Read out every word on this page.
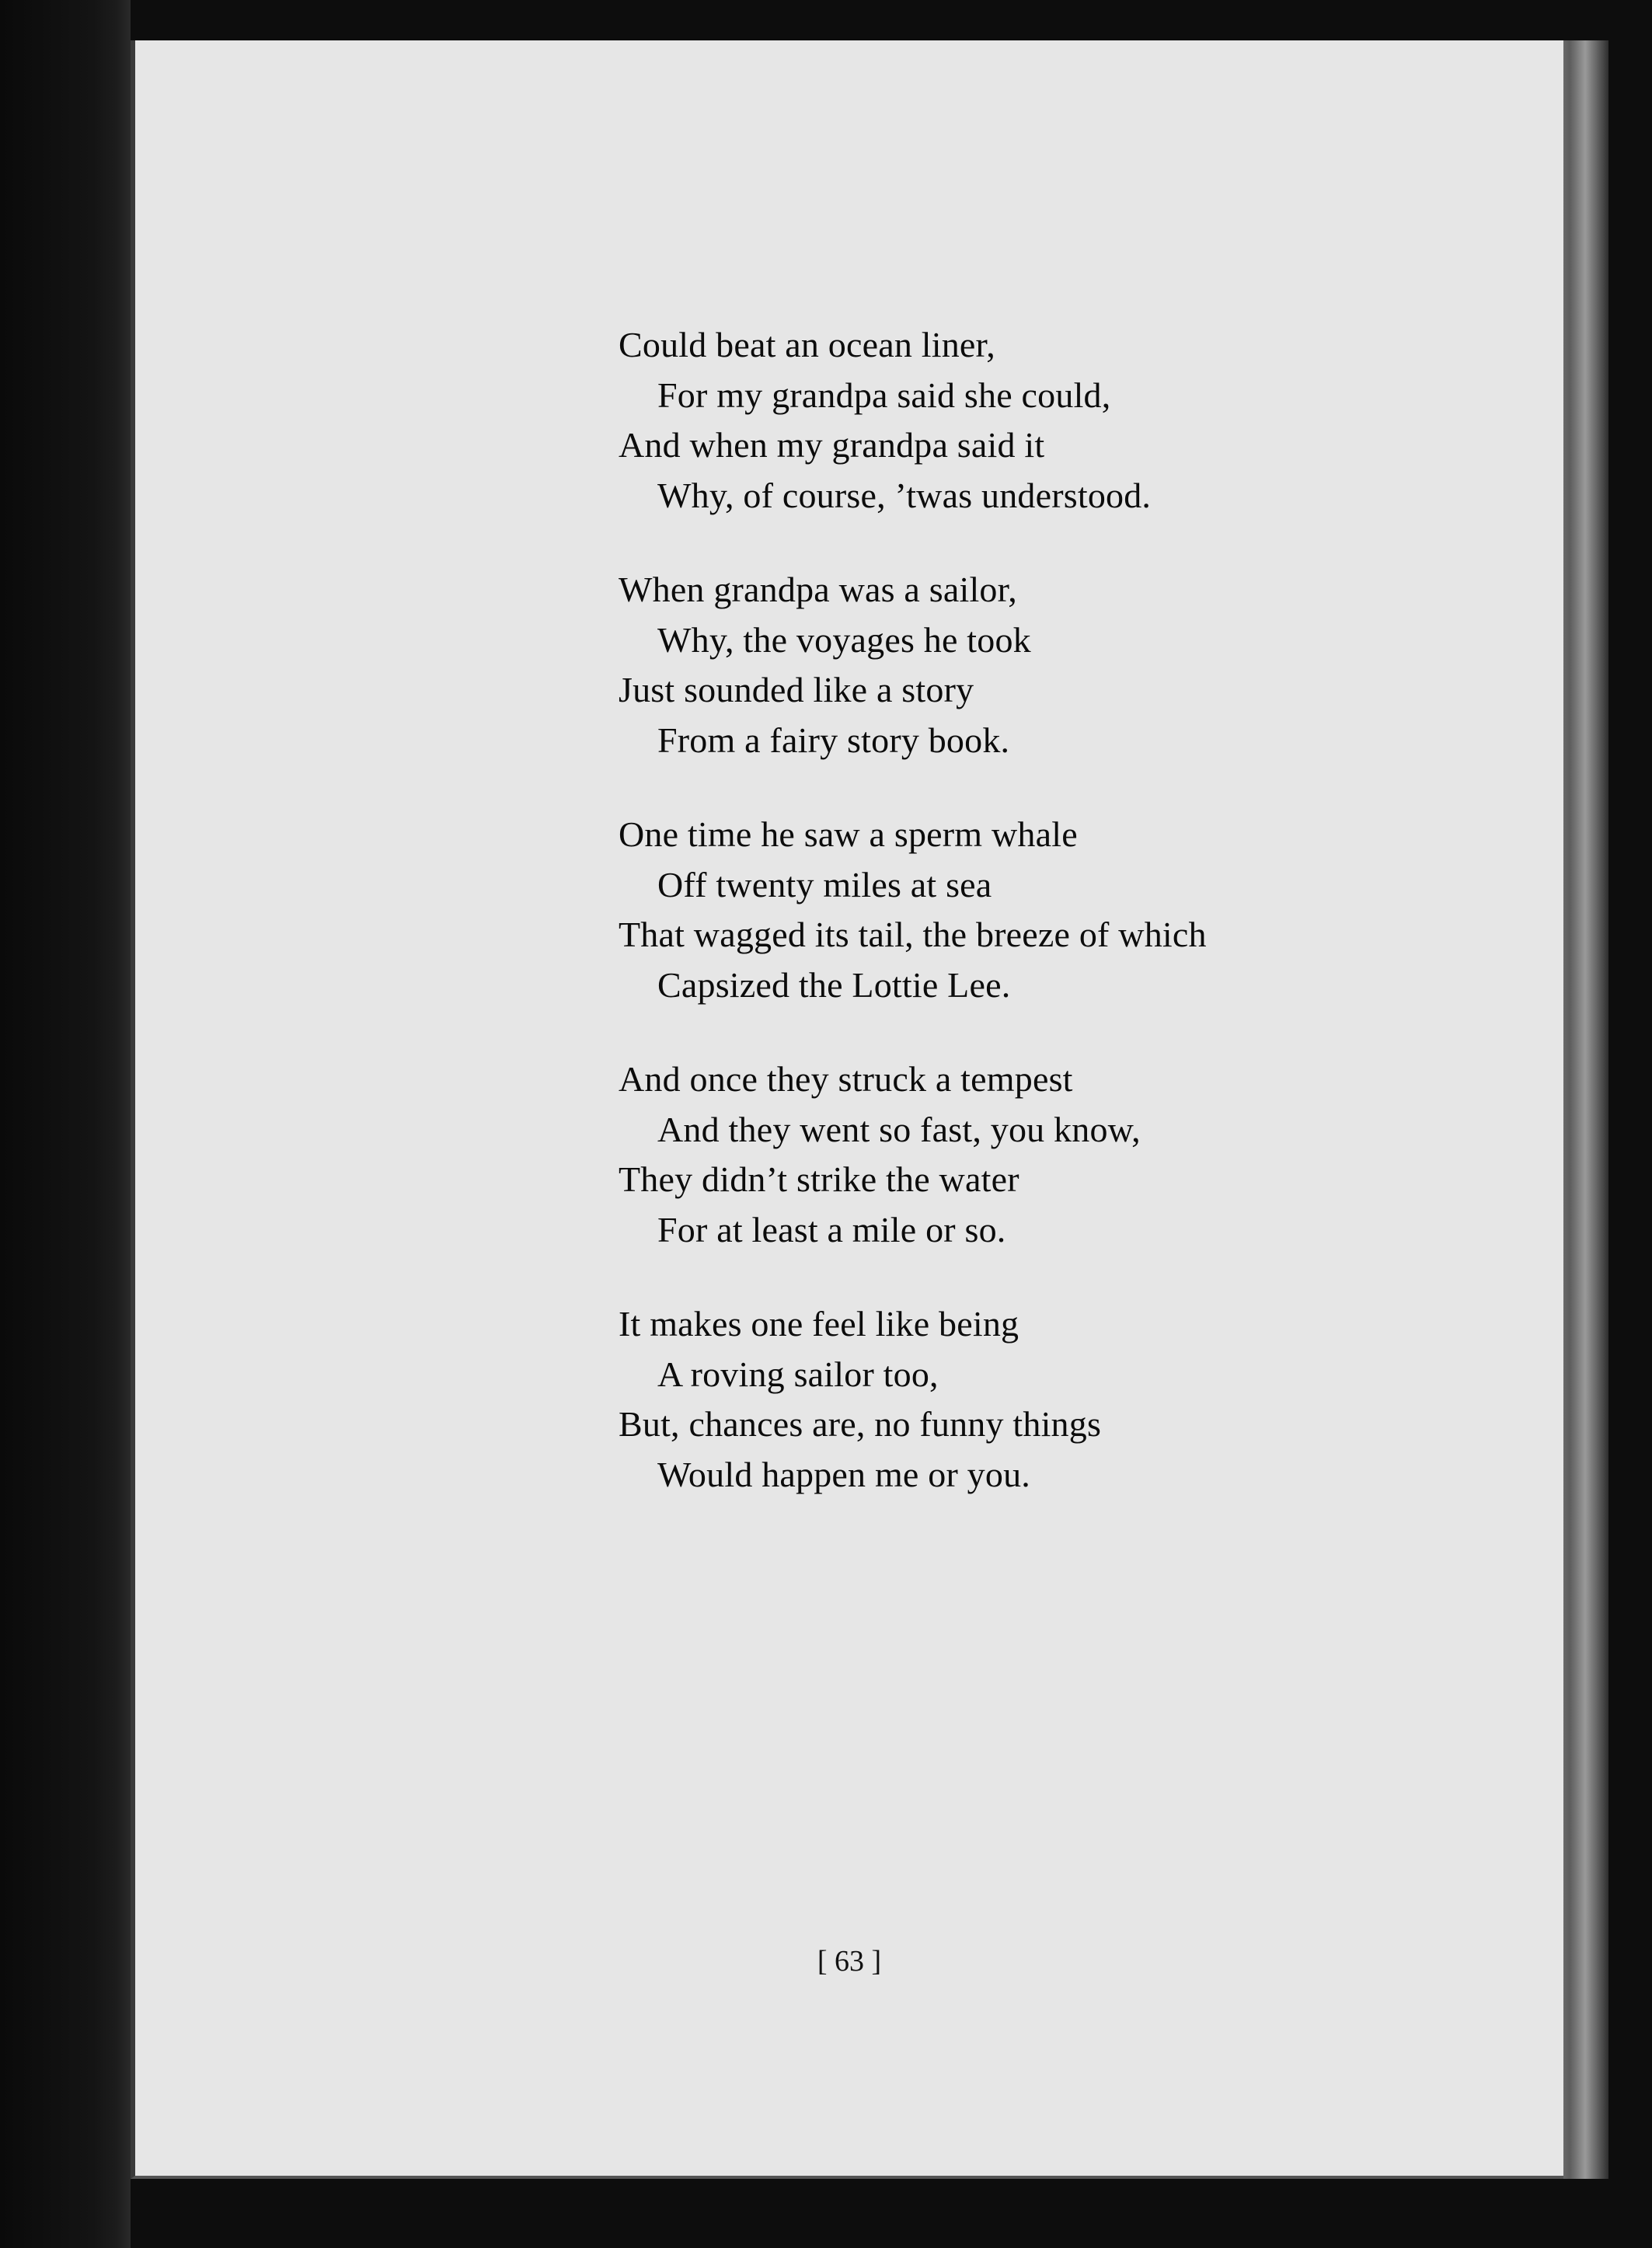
Could beat an ocean liner,
For my grandpa said she could,
And when my grandpa said it
Why, of course, ’twas understood.
When grandpa was a sailor,
Why, the voyages he took
Just sounded like a story
From a fairy story book.
One time he saw a sperm whale
Off twenty miles at sea
That wagged its tail, the breeze of which
Capsized the Lottie Lee.
And once they struck a tempest
And they went so fast, you know,
They didn’t strike the water
For at least a mile or so.
It makes one feel like being
A roving sailor too,
But, chances are, no funny things
Would happen me or you.
[ 63 ]
